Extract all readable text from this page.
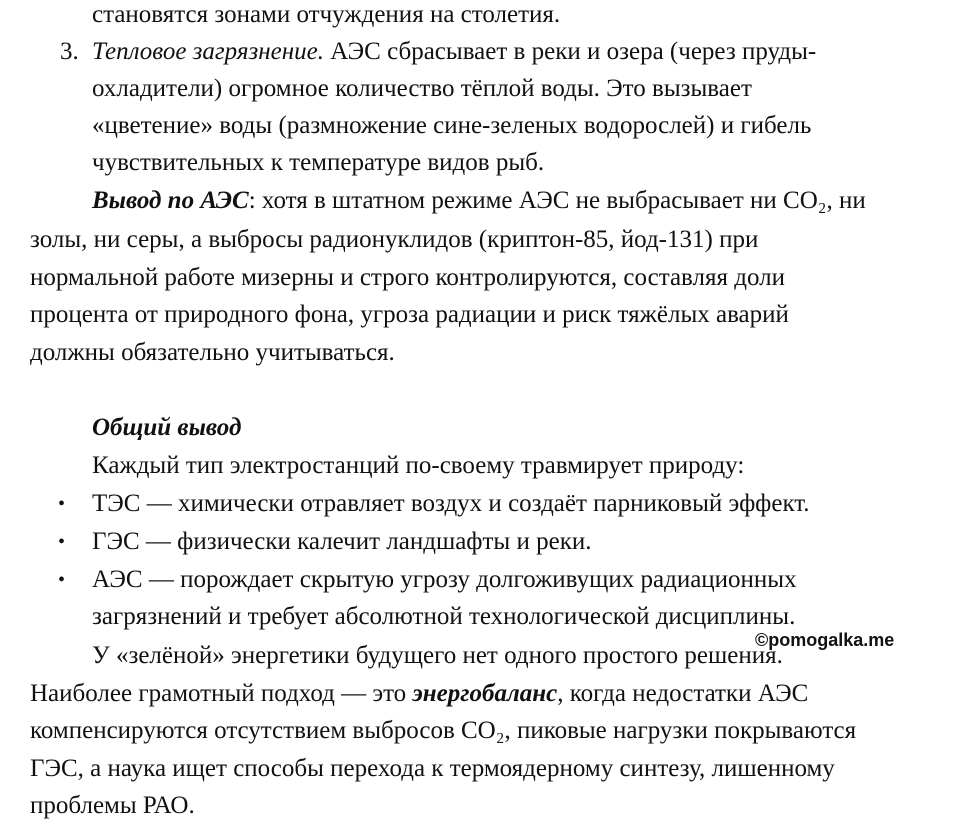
становятся зонами отчуждения на столетия.
3. Тепловое загрязнение. АЭС сбрасывает в реки и озера (через пруды-
охладители) огромное количество тёплой воды. Это вызывает
«цветение» воды (размножение сине-зеленых водорослей) и гибель
чувствительных к температуре видов рыб.
Вывод по АЭС: хотя в штатном режиме АЭС не выбрасывает ни CO₂, ни
золы, ни серы, а выбросы радионуклидов (криптон-85, йод-131) при
нормальной работе мизерны и строго контролируются, составляя доли
процента от природного фона, угроза радиации и риск тяжёлых аварий
должны обязательно учитываться.
Общий вывод
Каждый тип электростанций по-своему травмирует природу:
• ТЭС — химически отравляет воздух и создаёт парниковый эффект.
• ГЭС — физически калечит ландшафты и реки.
• АЭС — порождает скрытую угрозу долгоживущих радиационных
загрязнений и требует абсолютной технологической дисциплины.
У «зелёной» энергетики будущего нет одного простого решения.
Наиболее грамотный подход — это энергобаланс, когда недостатки АЭС
компенсируются отсутствием выбросов CO₂, пиковые нагрузки покрываются
ГЭС, а наука ищет способы перехода к термоядерному синтезу, лишенному
проблемы РАО.
©pomogalka.me
